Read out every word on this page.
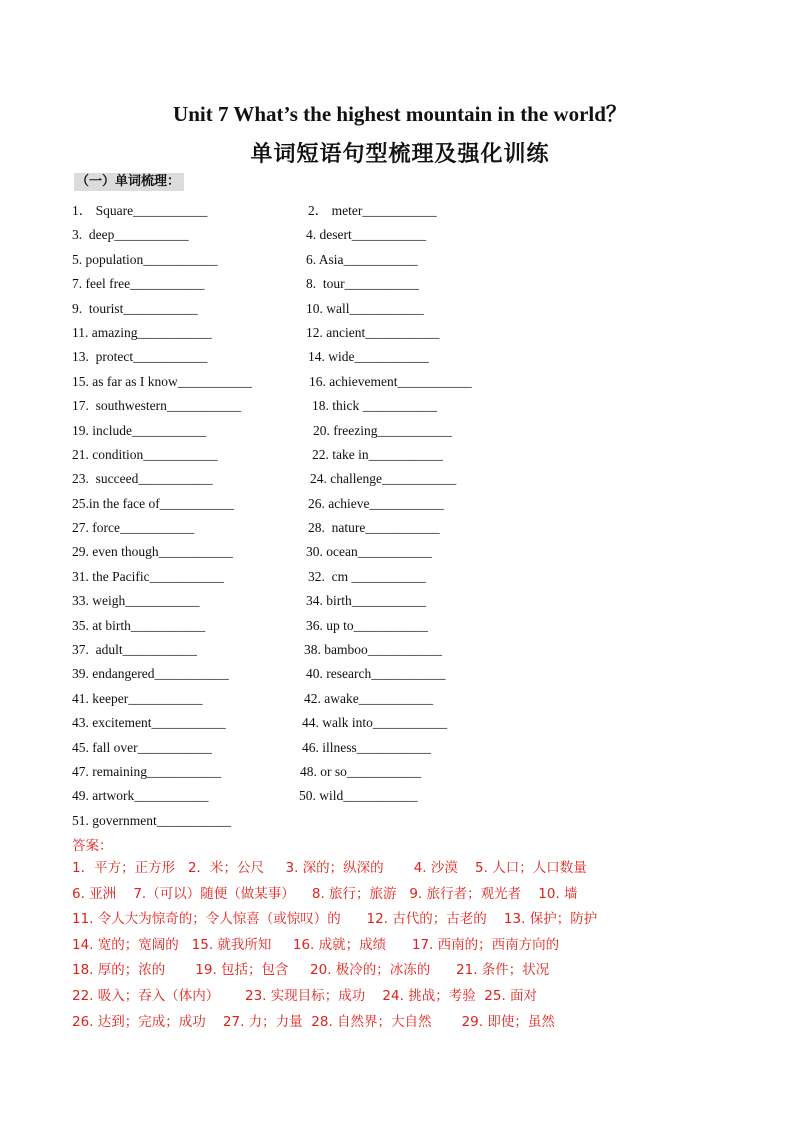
Unit 7 What’s the highest mountain in the world？
单词短语句型梳理及强化训练
（一）单词梳理：
1． Square___________	2． meter___________
3.  deep___________	4. desert___________
5. population___________	6. Asia___________
7. feel free___________	8.  tour___________
9.  tourist___________	10. wall___________
11. amazing___________	12. ancient___________
13.  protect___________	14. wide___________
15. as far as I know___________	16. achievement___________
17.  southwestern___________	18. thick ___________
19. include___________	20. freezing___________
21. condition___________	22. take in___________
23.  succeed___________	24. challenge___________
25.in the face of___________	26. achieve___________
27. force___________	28.  nature___________
29. even though___________	30. ocean___________
31. the Pacific___________	32.  cm ___________
33. weigh___________	34. birth___________
35. at birth___________	36. up to___________
37.  adult___________	38. bamboo___________
39. endangered___________	40. research___________
41. keeper___________	42. awake___________
43. excitement___________	44. walk into___________
45. fall over___________	46. illness___________
47. remaining___________	48. or so___________
49. artwork___________	50. wild___________
51. government___________
答案：
1．平方；正方形   2．米；公尺     3. 深的；纵深的       4. 沙漠    5. 人口；人口数量
6. 亚洲    7.（可以）随便（做某事）    8. 旅行；旅游   9. 旅行者；观光者    10. 墙
11. 令人大为惊奇的；令人惊喜（或惊叹）的      12. 古代的；古老的    13. 保护；防护
14. 宽的；宽阔的   15. 就我所知     16. 成就；成绩      17. 西南的；西南方向的
18. 厚的；浓的       19. 包括；包含     20. 极冷的；冰冻的      21. 条件；状况
22. 吸入；吞入（体内）      23. 实现目标；成功    24. 挑战；考验  25. 面对
26. 达到；完成；成功    27. 力；力量  28. 自然界；大自然       29. 即使；虽然
